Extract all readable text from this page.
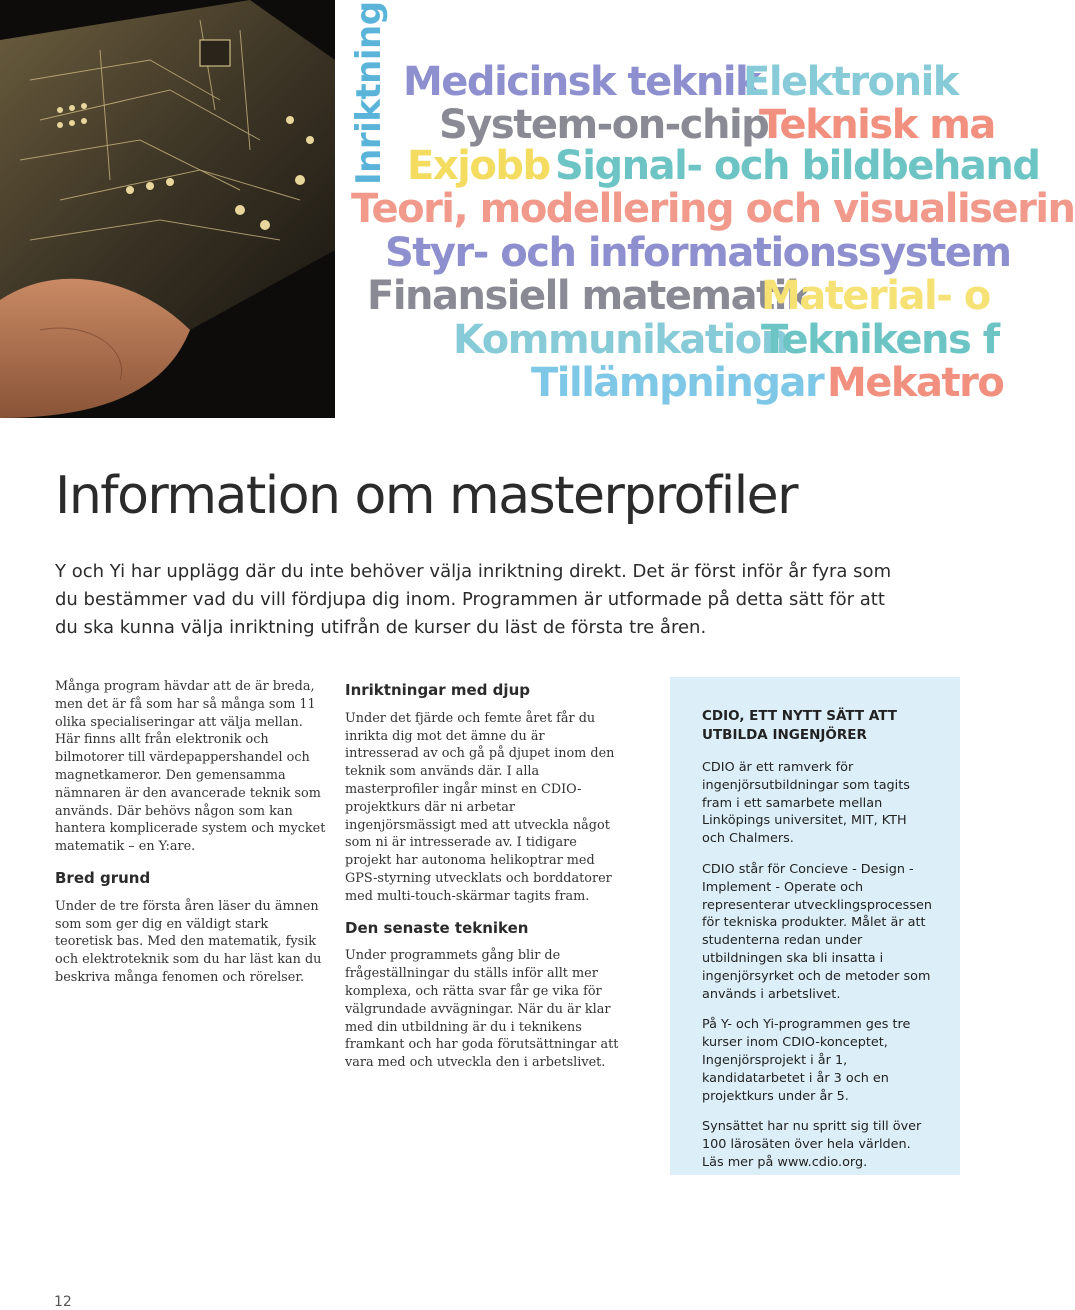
Inriktning Medicinsk teknik
Elektronik
System-on-chip
Teknisk ma
Exjobb Signal- och bildbehand
Teori, modellering och visualiserin
Styr- och informationssystem
Finansiell matematik
Material- o
Kommunikation
Teknikens f
Tillämpningar Mekatro
Information om masterprofiler

Y och Yi har upplägg där du inte behöver välja inriktning direkt. Det är först inför år fyra som du bestämmer vad du vill fördjupa dig inom. Programmen är utformade på detta sätt för att du ska kunna välja inriktning utifrån de kurser du läst de första tre åren.

Många program hävdar att de är breda, men det är få som har så många som 11 olika specialiseringar att välja mellan. Här finns allt från elektronik och bilmotorer till värdepappershandel och magnetkameror. Den gemensamma nämnaren är den avancerade teknik som används. Där behövs någon som kan hantera komplicerade system och mycket matematik – en Y:are.

Bred grund

Under de tre första åren läser du ämnen som som ger dig en väldigt stark teoretisk bas. Med den matematik, fysik och elektroteknik som du har läst kan du beskriva många fenomen och rörelser.

Inriktningar med djup

Under det fjärde och femte året får du inrikta dig mot det ämne du är intresserad av och gå på djupet inom den teknik som används där. I alla masterprofiler ingår minst en CDIO-projektkurs där ni arbetar ingenjörsmässigt med att utveckla något som ni är intresserade av. I tidigare projekt har autonoma helikoptrar med GPS-styrning utvecklats och borddatorer med multi-touch-skärmar tagits fram.

Den senaste tekniken

Under programmets gång blir de frågeställningar du ställs inför allt mer komplexa, och rätta svar får ge vika för välgrundade avvägningar. När du är klar med din utbildning är du i teknikens framkant och har goda förutsättningar att vara med och utveckla den i arbetslivet.

CDIO, ETT NYTT SÄTT ATT UTBILDA INGENJÖRER

CDIO är ett ramverk för ingenjörsutbildningar som tagits fram i ett samarbete mellan Linköpings universitet, MIT, KTH och Chalmers.

CDIO står för Concieve - Design - Implement - Operate och representerar utvecklingsprocessen för tekniska produkter. Målet är att studenterna redan under utbildningen ska bli insatta i ingenjörsyrket och de metoder som används i arbetslivet.

På Y- och Yi-programmen ges tre kurser inom CDIO-konceptet, Ingenjörsprojekt i år 1, kandidatarbetet i år 3 och en projektkurs under år 5.

Synsättet har nu spritt sig till över 100 lärosäten över hela världen. Läs mer på www.cdio.org.

12
